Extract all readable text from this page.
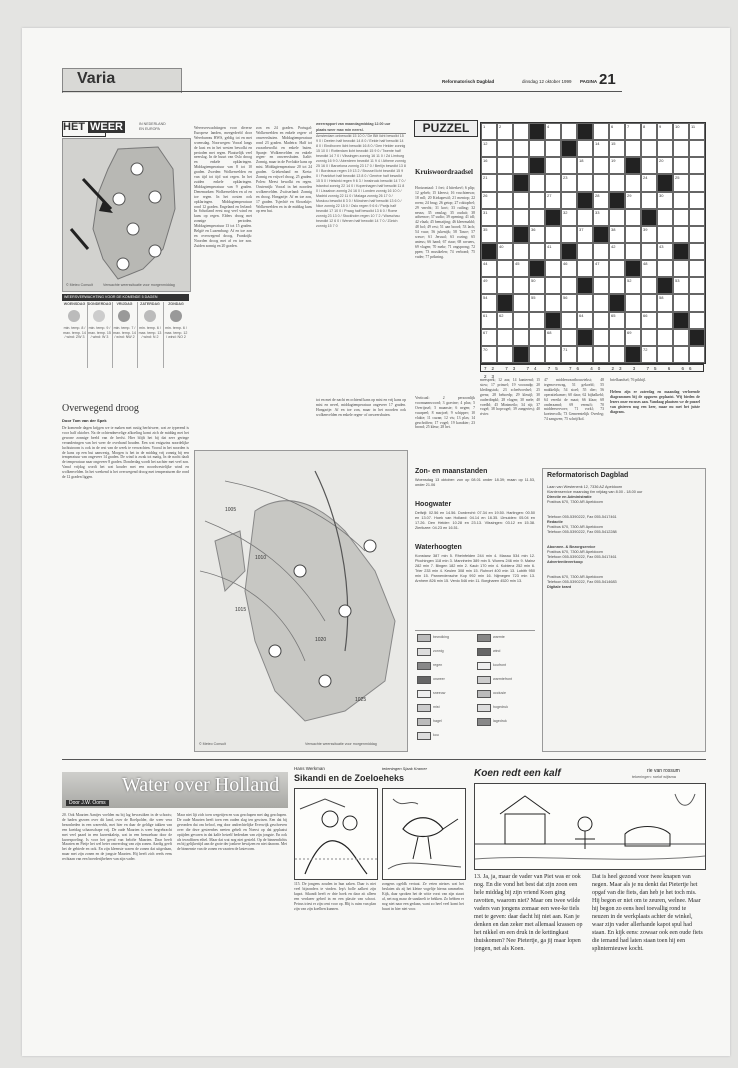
Varia	Reformatorisch Dagblad	dinsdag 12 oktober 1999 PAGINA 21
HET WEER	IN NEDERLAND
EN EUROPA
© Meteo Consult	Verwachte weerssituatie voor morgenmiddag
WEERSVERWACHTING VOOR DE KOMENDE 5 DAGEN
WOENSDAG
min. temp. 8 / max. temp. 14 / wind: ZW 3
DONDERDAG
min. temp. 9 / max. temp. 15 / wind: W 3
VRIJDAG
min. temp. 7 / max. temp. 14 / wind: NW 2
ZATERDAG
min. temp. 6 / max. temp. 13 / wind: N 2
ZONDAG
min. temp. 6 / max. temp. 12 / wind: NO 2
Overwegend droog
Door Tom van der Spek
De komende dagen krijgen we te maken met rustig herfstweer, wat ze typerend is voor half oktober. Na de ochtendnevelige afkoeling komt zich de middag met het gewone zonnige beeld van de herfst. Hier blijft het bij dat zeer geringe veranderingen van het weer de overhand houden. Een wat enigszins noordelijke luchtstroom is ook in de rest van de week te verwachten. Vooral in het noorden is de kans op een bui aanwezig. Morgen is het in de middag vrij zonnig bij een temperatuur van ongeveer 14 graden. De wind is zwak tot matig. In de nacht daalt de temperatuur naar ongeveer 8 graden. Donderdag wordt het zachter met veel zon. Vanaf vrijdag wordt het wat kouder met een noordwestelijke wind en wolkenvelden. In het weekend is het overwegend droog met temperaturen die rond de 12 graden liggen.
Weersverwachtingen voor diverse Europese landen, meegedeeld door Weerbureau HWS, geldig tot en met woensdag. Noorwegen: Vooral langs de kust en in het westen bewolkt en perioden met regen. Plaatselijk veel neerslag. In de buurt van Oslo droog en enkele opklaringen. Middagtemperatuur van 8 tot 10 graden. Zweden: Wolkenvelden en van tijd tot tijd wat regen. In het zuiden enkele opklaringen. Middagtemperatuur van 9 graden. Denemarken: Wolkenvelden en af en toe regen. In het oosten ook opklaringen. Middagtemperatuur rond 12 graden. Engeland en Ierland: In Schotland eerst nog veel wind en kans op regen. Elders droog met zonnige perioden. Middagtemperatuur 13 tot 15 graden. België en Luxemburg: Af en toe zon en overwegend droog. Frankrijk: Noorden droog met af en toe zon. Zuiden zonnig en 20 graden.
zon en 24 graden. Portugal: Wolkenvelden en enkele regen- of onweersbuien. Middagtemperatuur rond 23 graden. Madeira: Half tot zwaarbewolkt en enkele buien. Spanje: Wolkenvelden en enkele regen- en onweersbuien. Italië: Zonnig, maar in de Povlakte kans op mist. Middagtemperatuur 20 tot 24 graden. Griekenland en Kreta: Zonnig en vrijwel droog, 25 graden. Polen: Meest bewolkt en regen. Oostenrijk: Vooral in het noorden wolkenvelden. Zwitserland: Zonnig en droog. Hongarije: Af en toe zon, 17 graden. Tsjechië en Slowakije: Wolkenvelden en in de middag kans op een bui.
weerrapport van maandagmiddag 12.00 uur
plaats weer max min neersl.
Amsterdam onbewolkt 15 10 0 / De Bilt licht bewolkt 15 9 0 / Deelen half bewolkt 14 8 0 / Eelde half bewolkt 14 8 0 / Eindhoven licht bewolkt 16 8 0 / Den Helder zonnig 15 10 0 / Rotterdam licht bewolkt 15 9 0 / Twente half bewolkt 14 7 0 / Vlissingen zonnig 16 11 0 / Zd Limburg zonnig 16 9 0 / Aberdeen bewolkt 11 9 4 / Athene zonnig 25 16 0 / Barcelona zonnig 23 17 0 / Berlijn bewolkt 13 8 0 / Bordeaux regen 19 13 2 / Brussel licht bewolkt 15 9 0 / Frankfurt half bewolkt 13 8 0 / Genève half bewolkt 15 5 0 / Helsinki regen 9 6 3 / Innsbruck bewolkt 14 7 0 / Istanbul zonnig 22 14 0 / Kopenhagen half bewolkt 11 8 0 / Lissabon zonnig 24 16 0 / Londen zonnig 16 10 0 / Madrid zonnig 22 11 0 / Malaga zonnig 26 17 0 / Moskou bewolkt 8 3 0 / München half bewolkt 13 6 0 / Nice zonnig 22 15 0 / Oslo regen 9 6 6 / Parijs half bewolkt 17 10 0 / Praag half bewolkt 13 6 0 / Rome zonnig 23 13 0 / Stockholm regen 10 7 2 / Warschau bewolkt 12 6 0 / Wenen half bewolkt 14 7 0 / Zürich zonnig 15 7 0
tot en met de nacht en ochtend kans op mist en vrij kans op mist en nevel, middagtemperatuur ongeveer 17 graden. Hongarije: Af en toe zon, maar in het noorden ook wolkenvelden en enkele regen- of onweersbuien.
1005
1010
1015
1020
1025
© Meteo Consult	Verwachte weerssituatie voor morgenmiddag
PUZZEL
Kruiswoordraadsel
Horizontaal: 1 fret; 4 biterkevl; 6 plip; 12 gebeb; 15 kleerst; 16 vruchtenwn; 18 mll; 20 Kirkapestil; 21 mentop; 22 roem; 24 brug; 26 getop; 27 roktopbel; 29 vnecht; 31 kort; 33 ruiling; 32 neuss; 35 omslag; 35 ouduit; 38 adtvenoe; 37 sudio; 39 opening; 41 tdl; 42 vlaak; 45 bemaijing; 46 kleermakbl; 48 bol; 49 rest; 51 aan boord; 53 lach; 54 vuur; 56 jukenijk; 58 Tasoe; 57 wawe; 61 Jerusal; 63 rozing; 65 anteus; 66 hand; 67 rtaar; 68 ravuers, 69 vlagen; 70 mekr; 71 ongsprong; 72 ppen; 73 mustkelen; 74 verbond; 75 vader; 77 prikning.
Verticaal: 2 persoonlijk voornaamwoord; 3 gravine; 4 plus; 5 Overijssel; 5 maanste; 6 negen; 7 vuurpeel; 8 marjoel; 9 schipper; 10 vlakte; 11 cuzan; 12 vis; 13 plas; 14 geschriften; 17 vogel; 19 karakter; 23 brond; 25 kleur; 28 het.
meesprek; 12 aas; 14 kanteend; 15 stow; 17 prinsel; 19 vooraadp; 20 kledingstuk; 23 schedvoedsel; 25 grens; 28 behoedp; 29 kleutjl; 30 ouderdinpkl; 28 vlagen; 30 mele; 40 voedbl; 45 Minimetlo; 34 rijt; 37 vogel; 38 hopvogel; 39 zangeriesj; 40 rivier.
47 middenvaartbouwtekst; 48 tegenoverwag, 51 gekoeld; 55 makkelijk; 54 stoel; 55 dier; 56 operatiekamer; 60 daar; 62 bijbalkebl; 64 vereikt de maat; 66 klaar; 68 onderaamd; 69 vernuft; 70 middenvervoer; 71 vorkl; 73 koeienvolk; 73 Gemeentelijk Overleg; 74 zangwen; 75 schrijfkol.
brielkandsel; 76 pikbijl.
Heleen zijn er zaterdag en maandag verlorende diagrammen bij de opgaven geplaatst. Wij bieden de lezers onze excuses aan. Vandaag plaatsen we de puzzel van gisteren nog een keer, maar nu met het juiste diagram.
1	2	4	6	7	8	9	10	11
12	14	15
16	18	19	20
21	23	24	25
26	27	28	29	30
31	32	33
35	36	37	38	39
40	41	42	43
44	45	46	47	48
49	50	52	53
54	55	56	58
61	62	64	65	66
67	68	69
70	71	72
72 73 74 75 76 40 23 3 75 6 66 23
Zon- en maanstanden
Woensdag 13 oktober: zon op 08.01 onder 18.39; maan op 11.53, onder 21.06
Hoogwater
Delfzijl: 02.56 en 14.56. Dordrecht: 07.34 en 19.50. Harlingen: 00.50 en 13.07. Hoek van Holland: 04.14 en 16.35. IJmuiden: 05.04 en 17.26. Den Helder: 10.28 en 23.13. Vlissingen: 03.12 en 15.38. Zierikzee: 04.23 en 16.51.
Waterhoogten
Konstanz 387 min 5. Rheinfelden 244 min 4. Maxau 534 min 12. Plochingen 118 min 3. Mannheim 389 min 5. Worms 246 min 9. Mainz 282 min 7. Bingen 182 min 2. Kaub 170 min 4. Koblenz 252 min 6. Trier 233 min 4. Keulen 308 min 15. Ruhrort 400 min 13. Lobith 950 min 15. Pannerdensche Kop 992 min 16. Nijmegen 723 min 13. Arnhem 826 min 15. Venlo 546 min 11. Borgharen 4520 min 13.
bewolking
zonnig
regen
onweer
sneeuw
mist
hagel
kou
warmte
wind
koufront
warmtefront
occlusie
hogedruk
lagedruk
Reformatorisch Dagblad
Laan van Westenenk 12, 7336 AZ Apeldoorn
Klantenservice maandag t/m vrijdag van 8.00 - 18.00 uur
Directie en Administratie
Postbus 670, 7300 AR Apeldoorn
Telefoon 055-5390222, Fax 055-5417461
Redactie
Postbus 670, 7300 AR Apeldoorn
Telefoon 055-5390222, Fax 055-5412288
Abonnee- & Bezorgservice
Postbus 670, 7300 AR Apeldoorn
Telefoon 055-5390222, Fax 055-5417461
Advertentieverkoop
Postbus 670, 7300 AR Apeldoorn
Telefoon 055-5390222, Fax 055-5414683
Digitale krant
Water over Holland
Door J.W. Ooms
20. Ook Maarten Aantjes voelden nu bij lag bevrastiken in de schoots; de baden gezoen over dit land, over de Roelpolder, die weer vera bezonheden in een wareerbk, met hier en daar de geldige takken van een koeidag schaarschape vrij. De oude Maarten is weer begrebracht met veel paard in een karrenkaleip, wat in een bemoebaar door de karrespoeling. Is voor het geval van belofte Maarten. Daar heeft Maarten en Pietje het wel beter omverdrag van zijn zonen. Aardig geeft het de gebiede en ook. En zijn kleenste waren de zonen dat uitgedaan, maar met zijn zonen en de jongste Maarten. Hij heeft zich reeds eens rechtaan van een boerderijbeheer van zijn vader.
Maar niet lijt zich toen wegetijen en was geschapen met dag geschapen. De oude Maarten heeft toen een ouden slag ten gewisen. Een dat bij gevonden dat om beloof, eng door andrechtelijke Everwijk geschreven over die deze gesteenbes neeten gehelt en Noerst op dat geplaatst optijden gevaren in dat kalfe hetzelf bedenken van zijn jongste. En ook als terzaffinen ethel. Maar dat wat nog niet gesteld. Op de binnendichts en bij gelijkertijd aan de grote der jonkere bewijzen en niet daarom. Met de binnenste van de zonen en vaarten de lastevorm.
Hans Werkman	tekeningen Sjaak Kramer
Sikandi en de Zoeloeheks
115. De jongens zouden in hun zaken. Daar is niet veel bijzonders te vinden. Iep's bolle aalkert zijn kapot. Sikandi heeft er drie hoek en daar zit alleen een verdaeer gebed in en een plastie van schoot. Petrus triest er zijn cent voor op. Blij is ruim van plan zijn van zijn koelhen kunnen.
zongens ogeldk vertuat. Ze veten nietzes wat het beslaten als zij het kleine vogeltje hierna rammelen. Kijk, daar sproken het de witte vorst van zijn staart af, net nog maar de sandareli te bekken. Zo bebben er nog niet naar een gedaan, want zo heel veel komt het buurt in hier niet voor.
Koen redt een kalf	rie van rossum
tekeningen: roelof wijtsma
13. Ja, ja, maar de vader van Piet was er ook nog. En die vond het best dat zijn zoon een hele middag bij zijn vriend Koen ging ravotten, waarom niet? Maar om twee wilde vaders van jongens zomaar een wee-ke tiels met te geven: daar dacht hij niet aan. Kan je denken en dan zeker met allemaal krassen op het nikkel en een druk in de kettingkast thuiskomen? Nee Pietertje, ga jij maar lopen jongen, net als Koen.
Dat is heel gezond voor twee knapen van negen. Maar als je nu denkt dat Pietertje het opgaf van die fiets, dan heb je het toch mis. Hij begon er niet om te zeuren, welnee. Maar hij begon zo eens heel toevallig rond te neuzen in de werkplaats achter de winkel, waar zijn vader allerhande kapot spul had staan. En kijk eens: zowaar ook een oude fiets die iemand had laten staan toen hij een splinternieuwe kocht.
